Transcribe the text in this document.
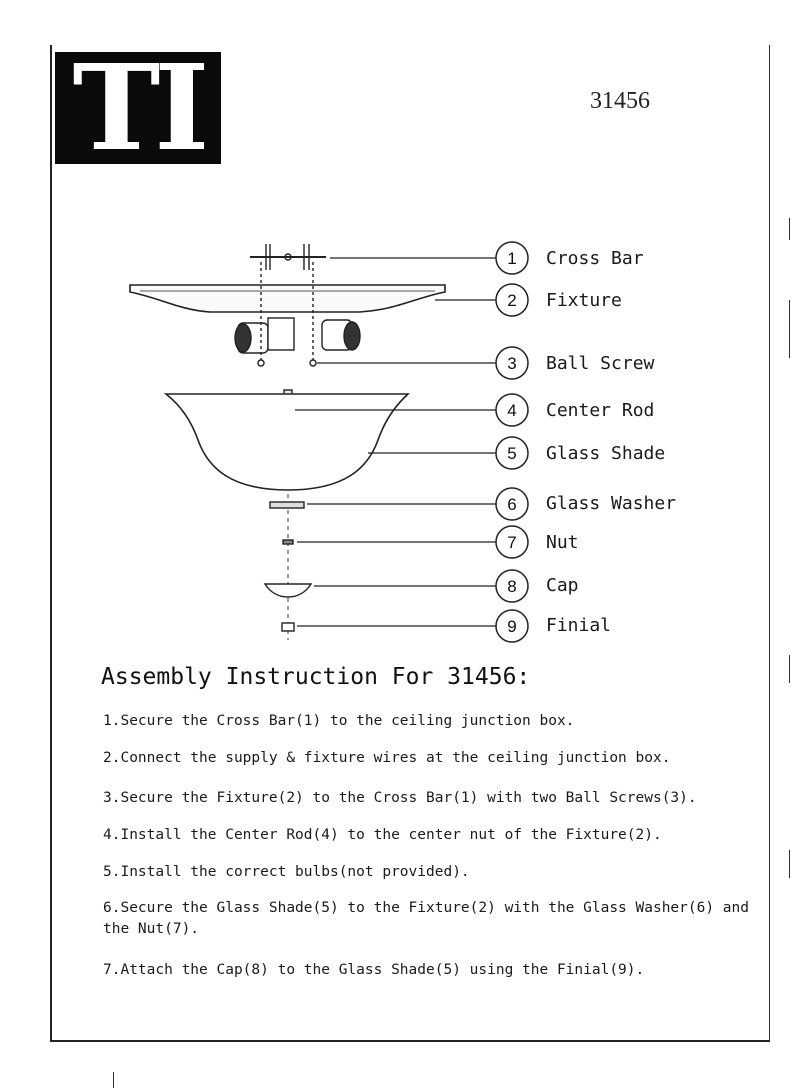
TI	31456
1
2
3
4
5
6
7
8
9
Cross Bar
Fixture
Ball Screw
Center Rod
Glass Shade
Glass Washer
Nut
Cap
Finial
Assembly Instruction For 31456:
1.Secure the Cross Bar(1) to the ceiling junction box.
2.Connect the supply & fixture wires at the ceiling junction box.
3.Secure the Fixture(2) to the Cross Bar(1) with two Ball Screws(3).
4.Install the Center Rod(4) to the center nut of the Fixture(2).
5.Install the correct bulbs(not provided).
6.Secure the Glass Shade(5) to the Fixture(2) with the Glass Washer(6) and the Nut(7).
7.Attach the Cap(8) to the Glass Shade(5) using the Finial(9).
